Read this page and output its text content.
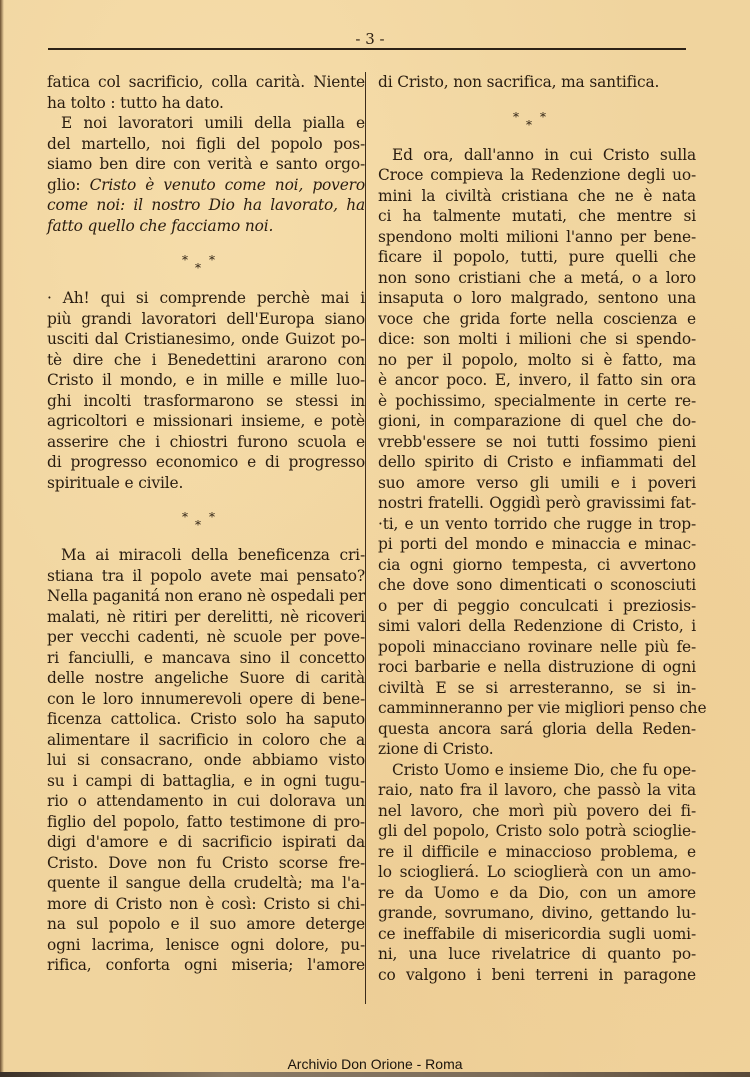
- 3 -
fatica col sacrificio, colla carità. Niente
ha tolto : tutto ha dato.
E noi lavoratori umili della pialla e
del martello, noi figli del popolo pos-
siamo ben dire con verità e santo orgo-
glio: Cristo è venuto come noi, povero
come noi: il nostro Dio ha lavorato, ha
fatto quello che facciamo noi.
* *
*
· Ah! qui si comprende perchè mai i
più grandi lavoratori dell'Europa siano
usciti dal Cristianesimo, onde Guizot po-
tè dire che i Benedettini ararono con
Cristo il mondo, e in mille e mille luo-
ghi incolti trasformarono se stessi in
agricoltori e missionari insieme, e potè
asserire che i chiostri furono scuola e
di progresso economico e di progresso
spirituale e civile.
* *
*
Ma ai miracoli della beneficenza cri-
stiana tra il popolo avete mai pensato?
Nella paganitá non erano nè ospedali per
malati, nè ritiri per derelitti, nè ricoveri
per vecchi cadenti, nè scuole per pove-
ri fanciulli, e mancava sino il concetto
delle nostre angeliche Suore di carità
con le loro innumerevoli opere di bene-
ficenza cattolica. Cristo solo ha saputo
alimentare il sacrificio in coloro che a
lui si consacrano, onde abbiamo visto
su i campi di battaglia, e in ogni tugu-
rio o attendamento in cui dolorava un
figlio del popolo, fatto testimone di pro-
digi d'amore e di sacrificio ispirati da
Cristo. Dove non fu Cristo scorse fre-
quente il sangue della crudeltà; ma l'a-
more di Cristo non è così: Cristo si chi-
na sul popolo e il suo amore deterge
ogni lacrima, lenisce ogni dolore, pu-
rifica, conforta ogni miseria; l'amore
di Cristo, non sacrifica, ma santifica.
* *
*
Ed ora, dall'anno in cui Cristo sulla
Croce compieva la Redenzione degli uo-
mini la civiltà cristiana che ne è nata
ci ha talmente mutati, che mentre si
spendono molti milioni l'anno per bene-
ficare il popolo, tutti, pure quelli che
non sono cristiani che a metá, o a loro
insaputa o loro malgrado, sentono una
voce che grida forte nella coscienza e
dice: son molti i milioni che si spendo-
no per il popolo, molto si è fatto, ma
è ancor poco. E, invero, il fatto sin ora
è pochissimo, specialmente in certe re-
gioni, in comparazione di quel che do-
vrebb'essere se noi tutti fossimo pieni
dello spirito di Cristo e infiammati del
suo amore verso gli umili e i poveri
nostri fratelli. Oggidì però gravissimi fat-
·ti, e un vento torrido che rugge in trop-
pi porti del mondo e minaccia e minac-
cia ogni giorno tempesta, ci avvertono
che dove sono dimenticati o sconosciuti
o per di peggio conculcati i preziosis-
simi valori della Redenzione di Cristo, i
popoli minacciano rovinare nelle più fe-
roci barbarie e nella distruzione di ogni
civiltà E se si arresteranno, se si in-
camminneranno per vie migliori penso che
questa ancora sará gloria della Reden-
zione di Cristo.
Cristo Uomo e insieme Dio, che fu ope-
raio, nato fra il lavoro, che passò la vita
nel lavoro, che morì più povero dei fi-
gli del popolo, Cristo solo potrà scioglie-
re il difficile e minaccioso problema, e
lo scioglierá. Lo scioglierà con un amo-
re da Uomo e da Dio, con un amore
grande, sovrumano, divino, gettando lu-
ce ineffabile di misericordia sugli uomi-
ni, una luce rivelatrice di quanto po-
co valgono i beni terreni in paragone
Archivio Don Orione - Roma
